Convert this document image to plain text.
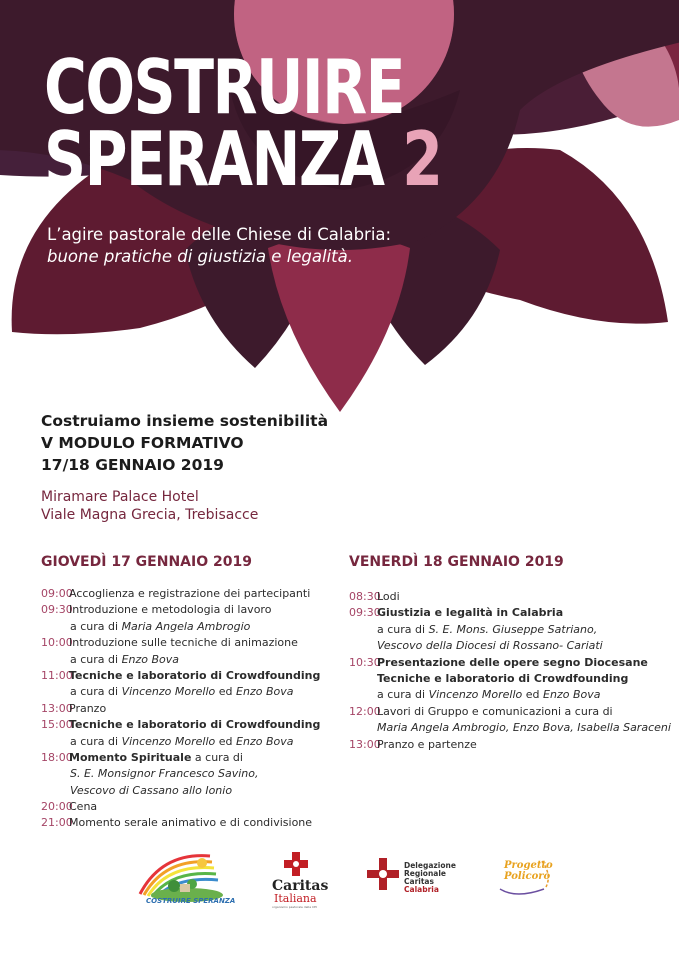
COSTRUIRE
SPERANZA 2
L’agire pastorale delle Chiese di Calabria:
buone pratiche di giustizia e legalità.
Costruiamo insieme sostenibilità
V MODULO FORMATIVO
17/18 GENNAIO 2019
Miramare Palace Hotel
Viale Magna Grecia, Trebisacce
GIOVEDÌ 17 GENNAIO 2019	VENERDÌ 18 GENNAIO 2019
09:00Accoglienza e registrazione dei partecipanti
09:30Introduzione e metodologia di lavoro
a cura di Maria Angela Ambrogio
10:00Introduzione sulle tecniche di animazione
a cura di Enzo Bova
11:00Tecniche e laboratorio di Crowdfounding
a cura di Vincenzo Morello ed Enzo Bova
13:00Pranzo
15:00Tecniche e laboratorio di Crowdfounding
a cura di Vincenzo Morello ed Enzo Bova
18:00Momento Spirituale a cura di
S. E. Monsignor Francesco Savino,
Vescovo di Cassano allo Ionio
20:00Cena
21:00Momento serale animativo e di condivisione
08:30Lodi
09:30Giustizia e legalità in Calabria
a cura di S. E. Mons. Giuseppe Satriano,
Vescovo della Diocesi di Rossano- Cariati
10:30Presentazione delle opere segno Diocesane
Tecniche e laboratorio di Crowdfounding
a cura di Vincenzo Morello ed Enzo Bova
12:00Lavori di Gruppo e comunicazioni a cura di
Maria Angela Ambrogio, Enzo Bova, Isabella Saraceni
13:00Pranzo e partenze
COSTRUIRE SPERANZA
Caritas
Italiana
organismo pastorale della CEI
Delegazione
Regionale
Caritas
Calabria
Progetto
Policoro
